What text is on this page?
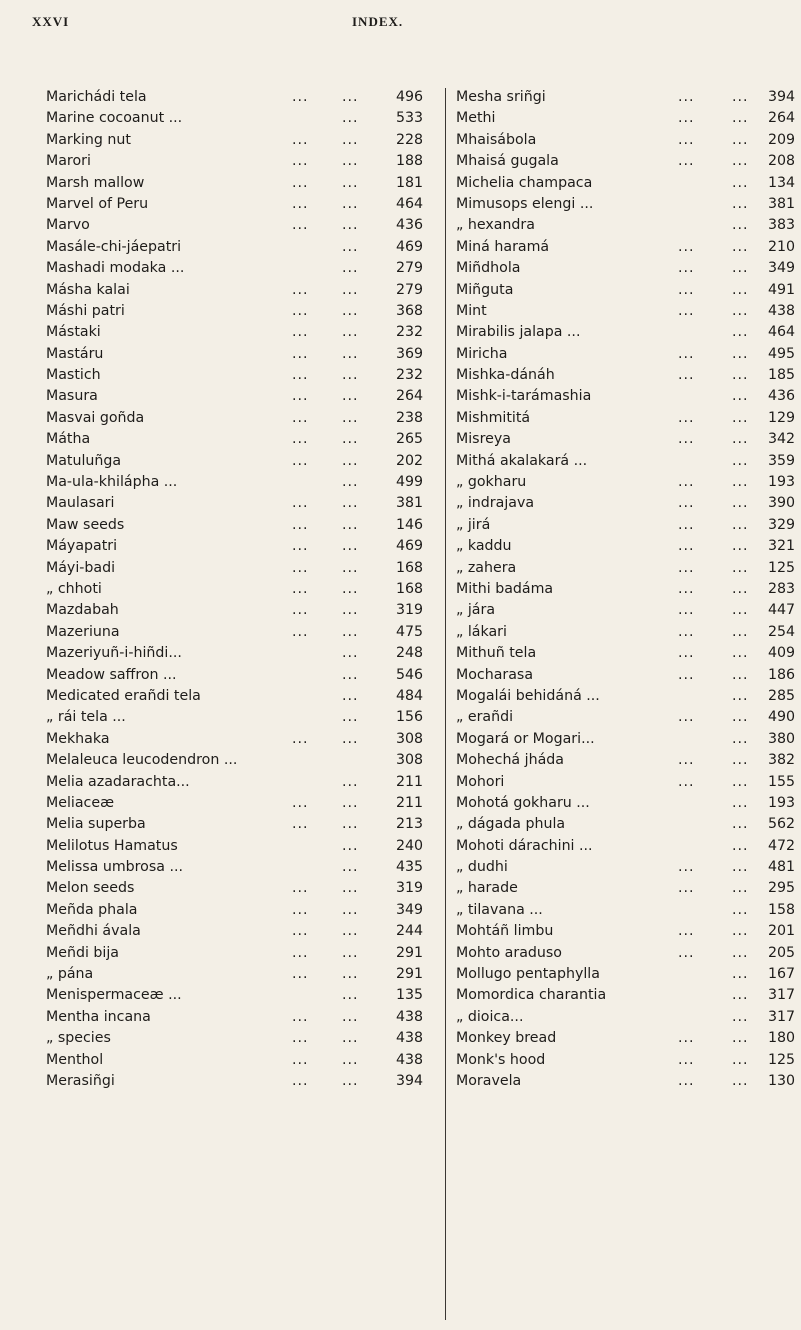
XXVI	INDEX.
Marichádi tela	... ...	496
Marine cocoanut ...	...	533
Marking nut	... ...	228
Marori	... ...	188
Marsh mallow	... ...	181
Marvel of Peru	... ...	464
Marvo	... ...	436
Masále-chi-jáepatri	...	469
Mashadi modaka ...	...	279
Másha kalai	... ...	279
Máshi patri	... ...	368
Mástaki	... ...	232
Mastáru	... ...	369
Mastich	... ...	232
Masura	... ...	264
Masvai goñda	... ...	238
Mátha	... ...	265
Matuluñga	... ...	202
Ma-ula-khilápha ...	...	499
Maulasari	... ...	381
Maw seeds	... ...	146
Máyapatri	... ...	469
Máyi-badi	... ...	168
„ chhoti	... ...	168
Mazdabah	... ...	319
Mazeriuna	... ...	475
Mazeriyuñ-i-hiñdi...	...	248
Meadow saffron ...	...	546
Medicated erañdi tela	...	484
„ rái tela ...	...	156
Mekhaka	... ...	308
Melaleuca leucodendron ...	308
Melia azadarachta...	...	211
Meliaceæ	... ...	211
Melia superba	... ...	213
Melilotus Hamatus	...	240
Melissa umbrosa ...	...	435
Melon seeds	... ...	319
Meñda phala	... ...	349
Meñdhi ávala	... ...	244
Meñdi bija	... ...	291
„ pána	... ...	291
Menispermaceæ ...	...	135
Mentha incana	... ...	438
„ species	... ...	438
Menthol	... ...	438
Merasiñgi	... ...	394
Mesha sriñgi	...	... 394
Methi	...	... 264
Mhaisábola	...	... 209
Mhaisá gugala	...	... 208
Michelia champaca	... 134
Mimusops elengi ...	... 381
„ hexandra	... 383
Miná haramá	...	... 210
Miñdhola	...	... 349
Miñguta	...	... 491
Mint	...	... 438
Mirabilis jalapa ...	... 464
Miricha	...	... 495
Mishka-dánáh	...	... 185
Mishk-i-tarámashia	... 436
Mishmititá	...	... 129
Misreya	...	... 342
Mithá akalakará ...	... 359
„ gokharu	...	... 193
„ indrajava	...	... 390
„ jirá	...	... 329
„ kaddu	...	... 321
„ zahera	...	... 125
Mithi badáma	...	... 283
„ jára	...	... 447
„ lákari	...	... 254
Mithuñ tela	...	... 409
Mocharasa	...	... 186
Mogalái behidáná ...	... 285
„ erañdi	...	... 490
Mogará or Mogari...	... 380
Mohechá jháda	...	... 382
Mohori	...	... 155
Mohotá gokharu ...	... 193
„ dágada phula	... 562
Mohoti dárachini ...	... 472
„ dudhi	...	... 481
„ harade	...	... 295
„ tilavana ...	... 158
Mohtáñ limbu	...	... 201
Mohto araduso	...	... 205
Mollugo pentaphylla	... 167
Momordica charantia	... 317
„ dioica...	... 317
Monkey bread	...	... 180
Monk's hood	...	... 125
Moravela	...	... 130
